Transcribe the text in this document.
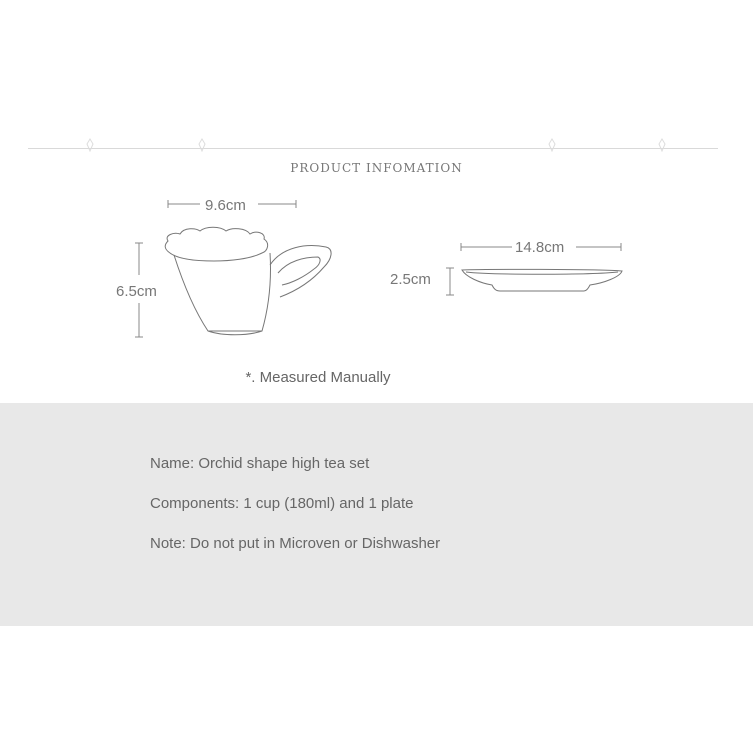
PRODUCT INFOMATION
9.6cm
6.5cm
14.8cm
2.5cm
*. Measured Manually
Name: Orchid shape high tea set
Components: 1 cup (180ml) and 1 plate
Note: Do not put in Microven or Dishwasher
